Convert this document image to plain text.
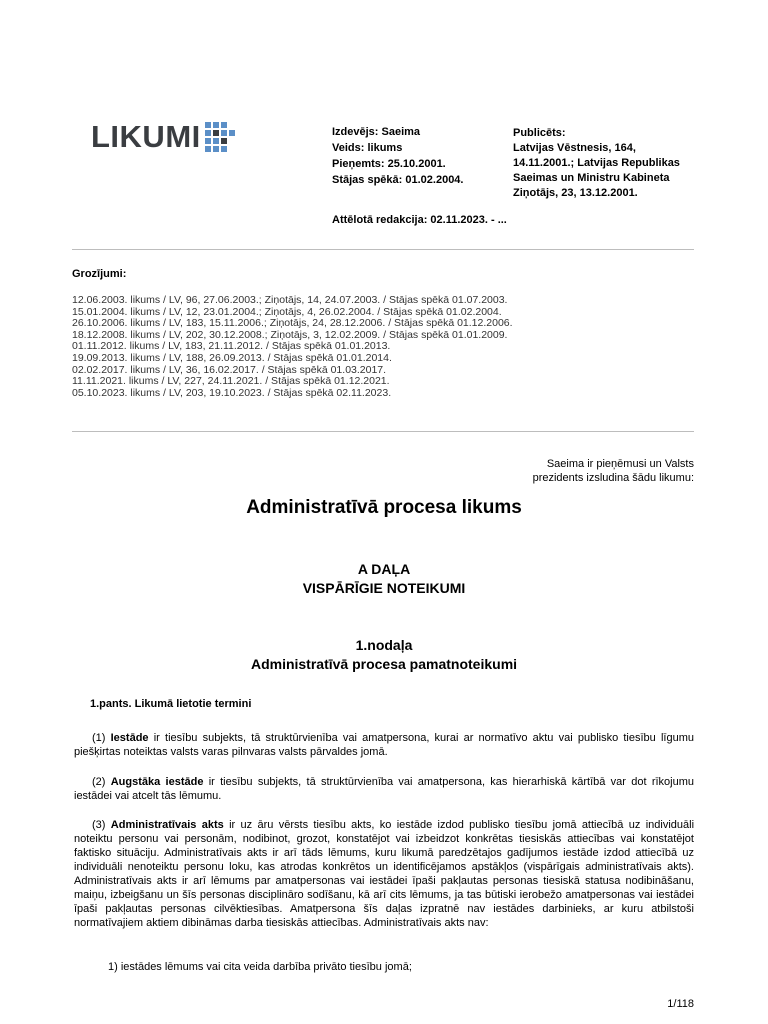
LIKUMI	Izdevējs: Saeima
Veids: likums
Pieņemts: 25.10.2001.
Stājas spēkā: 01.02.2004.
Attēlotā redakcija: 02.11.2023. - ...
Publicēts:
Latvijas Vēstnesis, 164,
14.11.2001.; Latvijas Republikas
Saeimas un Ministru Kabineta
Ziņotājs, 23, 13.12.2001.
Grozījumi:
12.06.2003. likums / LV, 96, 27.06.2003.; Ziņotājs, 14, 24.07.2003. / Stājas spēkā 01.07.2003.
15.01.2004. likums / LV, 12, 23.01.2004.; Ziņotājs, 4, 26.02.2004. / Stājas spēkā 01.02.2004.
26.10.2006. likums / LV, 183, 15.11.2006.; Ziņotājs, 24, 28.12.2006. / Stājas spēkā 01.12.2006.
18.12.2008. likums / LV, 202, 30.12.2008.; Ziņotājs, 3, 12.02.2009. / Stājas spēkā 01.01.2009.
01.11.2012. likums / LV, 183, 21.11.2012. / Stājas spēkā 01.01.2013.
19.09.2013. likums / LV, 188, 26.09.2013. / Stājas spēkā 01.01.2014.
02.02.2017. likums / LV, 36, 16.02.2017. / Stājas spēkā 01.03.2017.
11.11.2021. likums / LV, 227, 24.11.2021. / Stājas spēkā 01.12.2021.
05.10.2023. likums / LV, 203, 19.10.2023. / Stājas spēkā 02.11.2023.
Saeima ir pieņēmusi un Valsts
prezidents izsludina šādu likumu:
Administratīvā procesa likums
A DAĻA
VISPĀRĪGIE NOTEIKUMI
1.nodaļa
Administratīvā procesa pamatnoteikumi
1.pants. Likumā lietotie termini
(1) Iestāde ir tiesību subjekts, tā struktūrvienība vai amatpersona, kurai ar normatīvo aktu vai publisko tiesību līgumu piešķirtas noteiktas valsts varas pilnvaras valsts pārvaldes jomā.
(2) Augstāka iestāde ir tiesību subjekts, tā struktūrvienība vai amatpersona, kas hierarhiskā kārtībā var dot rīkojumu iestādei vai atcelt tās lēmumu.
(3) Administratīvais akts ir uz āru vērsts tiesību akts, ko iestāde izdod publisko tiesību jomā attiecībā uz individuāli noteiktu personu vai personām, nodibinot, grozot, konstatējot vai izbeidzot konkrētas tiesiskās attiecības vai konstatējot faktisko situāciju. Administratīvais akts ir arī tāds lēmums, kuru likumā paredzētajos gadījumos iestāde izdod attiecībā uz individuāli nenoteiktu personu loku, kas atrodas konkrētos un identificējamos apstākļos (vispārīgais administratīvais akts). Administratīvais akts ir arī lēmums par amatpersonas vai iestādei īpaši pakļautas personas tiesiskā statusa nodibināšanu, maiņu, izbeigšanu un šīs personas disciplināro sodīšanu, kā arī cits lēmums, ja tas būtiski ierobežo amatpersonas vai iestādei īpaši pakļautas personas cilvēktiesības. Amatpersona šīs daļas izpratnē nav iestādes darbinieks, ar kuru atbilstoši normatīvajiem aktiem dibināmas darba tiesiskās attiecības. Administratīvais akts nav:
1) iestādes lēmums vai cita veida darbība privāto tiesību jomā;
1/118
